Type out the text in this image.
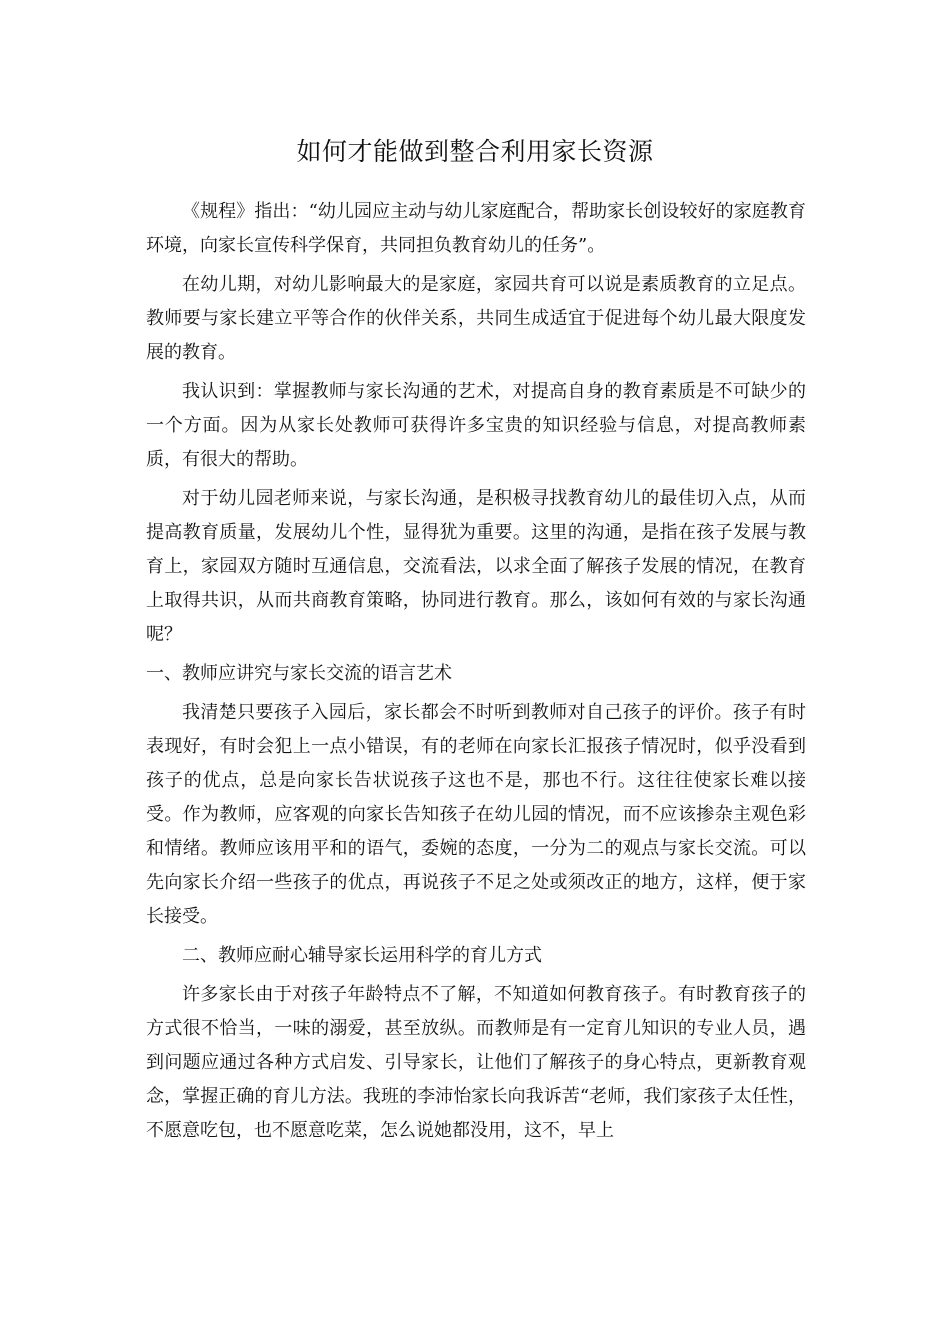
如何才能做到整合利用家长资源

《规程》指出：“幼儿园应主动与幼儿家庭配合，帮助家长创设较好的家庭教育环境，向家长宣传科学保育，共同担负教育幼儿的任务”。

在幼儿期，对幼儿影响最大的是家庭，家园共育可以说是素质教育的立足点。教师要与家长建立平等合作的伙伴关系，共同生成适宜于促进每个幼儿最大限度发展的教育。

我认识到：掌握教师与家长沟通的艺术，对提高自身的教育素质是不可缺少的一个方面。因为从家长处教师可获得许多宝贵的知识经验与信息，对提高教师素质，有很大的帮助。

对于幼儿园老师来说，与家长沟通，是积极寻找教育幼儿的最佳切入点，从而提高教育质量，发展幼儿个性，显得犹为重要。这里的沟通，是指在孩子发展与教育上，家园双方随时互通信息，交流看法，以求全面了解孩子发展的情况，在教育上取得共识，从而共商教育策略，协同进行教育。那么，该如何有效的与家长沟通呢？

一、教师应讲究与家长交流的语言艺术

我清楚只要孩子入园后，家长都会不时听到教师对自己孩子的评价。孩子有时表现好，有时会犯上一点小错误，有的老师在向家长汇报孩子情况时，似乎没看到孩子的优点，总是向家长告状说孩子这也不是，那也不行。这往往使家长难以接受。作为教师，应客观的向家长告知孩子在幼儿园的情况，而不应该掺杂主观色彩和情绪。教师应该用平和的语气，委婉的态度，一分为二的观点与家长交流。可以先向家长介绍一些孩子的优点，再说孩子不足之处或须改正的地方，这样，便于家长接受。

二、教师应耐心辅导家长运用科学的育儿方式

许多家长由于对孩子年龄特点不了解，不知道如何教育孩子。有时教育孩子的方式很不恰当，一味的溺爱，甚至放纵。而教师是有一定育儿知识的专业人员，遇到问题应通过各种方式启发、引导家长，让他们了解孩子的身心特点，更新教育观念，掌握正确的育儿方法。我班的李沛怡家长向我诉苦“老师，我们家孩子太任性，不愿意吃包，也不愿意吃菜，怎么说她都没用，这不，早上
